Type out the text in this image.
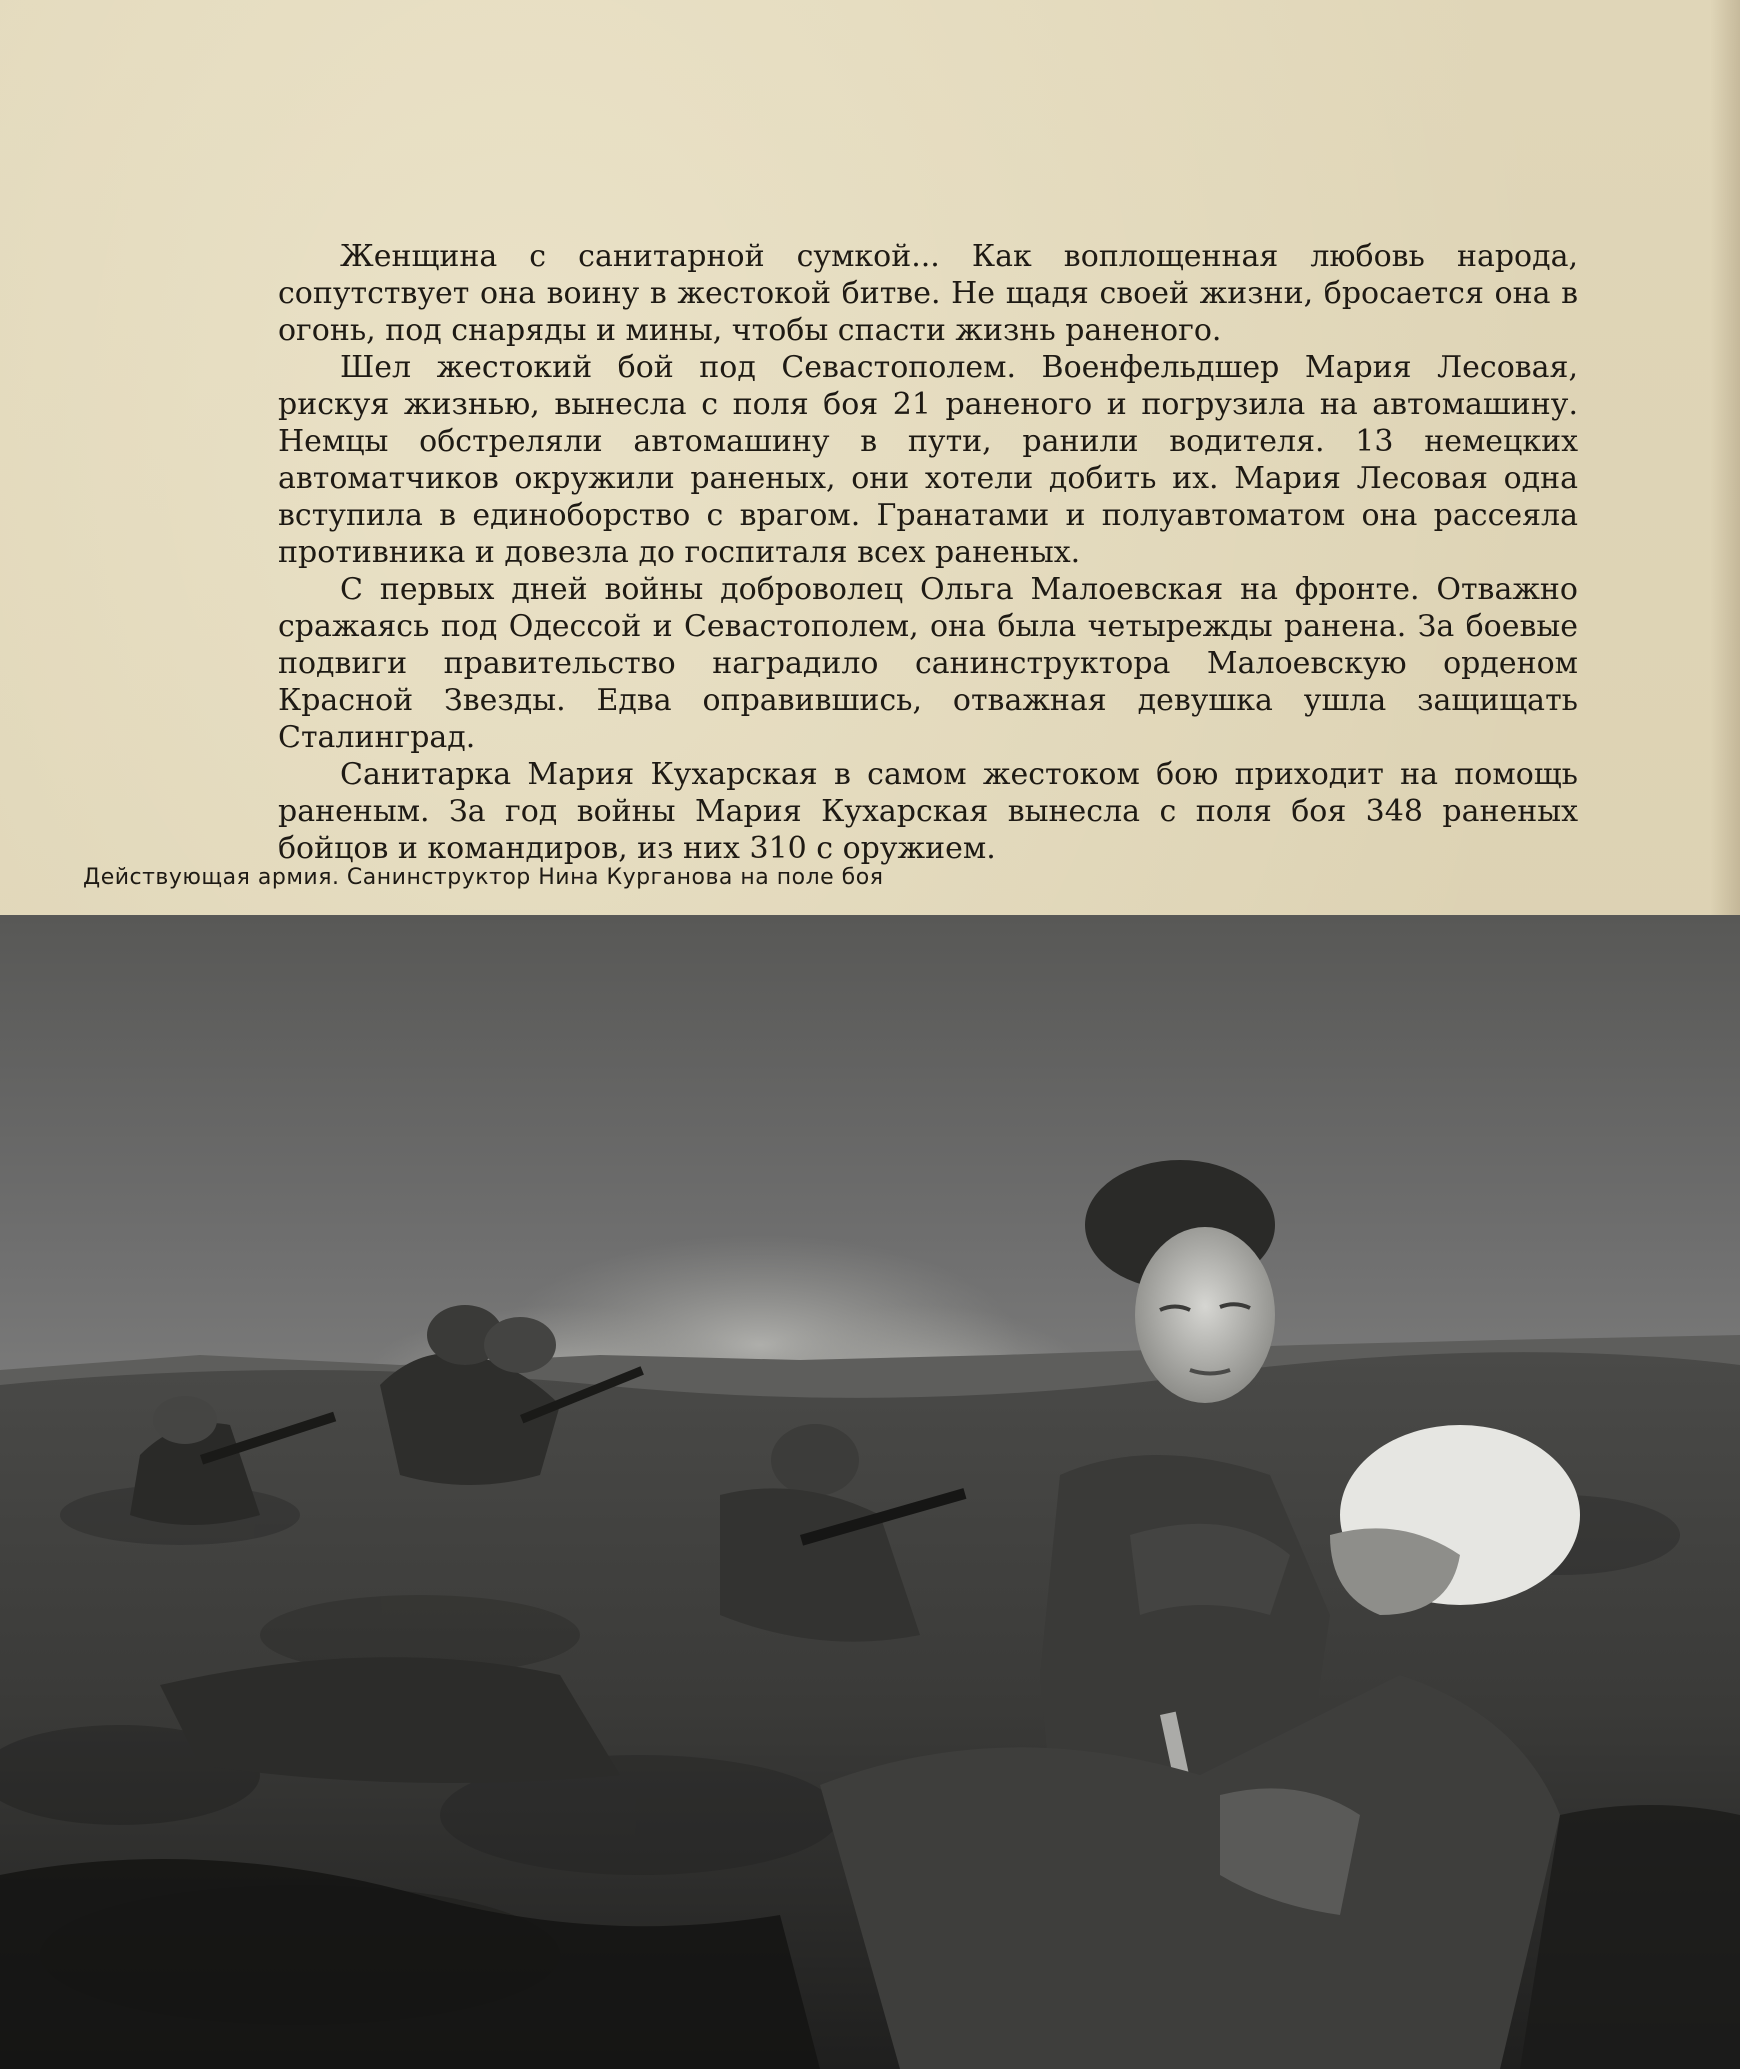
Женщина с санитарной сумкой... Как воплощенная любовь народа, сопутствует она воину в жестокой битве. Не щадя своей жизни, бросается она в огонь, под снаряды и мины, чтобы спасти жизнь раненого.

Шел жестокий бой под Севастополем. Военфельдшер Мария Лесовая, рискуя жизнью, вынесла с поля боя 21 раненого и погрузила на автомашину. Немцы обстреляли автомашину в пути, ранили водителя. 13 немецких автоматчиков окружили раненых, они хотели добить их. Мария Лесовая одна вступила в единоборство с врагом. Гранатами и полуавтоматом она рассеяла противника и довезла до госпиталя всех раненых.

С первых дней войны доброволец Ольга Малоевская на фронте. Отважно сражаясь под Одессой и Севастополем, она была четырежды ранена. За боевые подвиги правительство наградило санинструктора Малоевскую орденом Красной Звезды. Едва оправившись, отважная девушка ушла защищать Сталинград.

Санитарка Мария Кухарская в самом жестоком бою приходит на помощь раненым. За год войны Мария Кухарская вынесла с поля боя 348 раненых бойцов и командиров, из них 310 с оружием.

Действующая армия. Санинструктор Нина Курганова на поле боя
